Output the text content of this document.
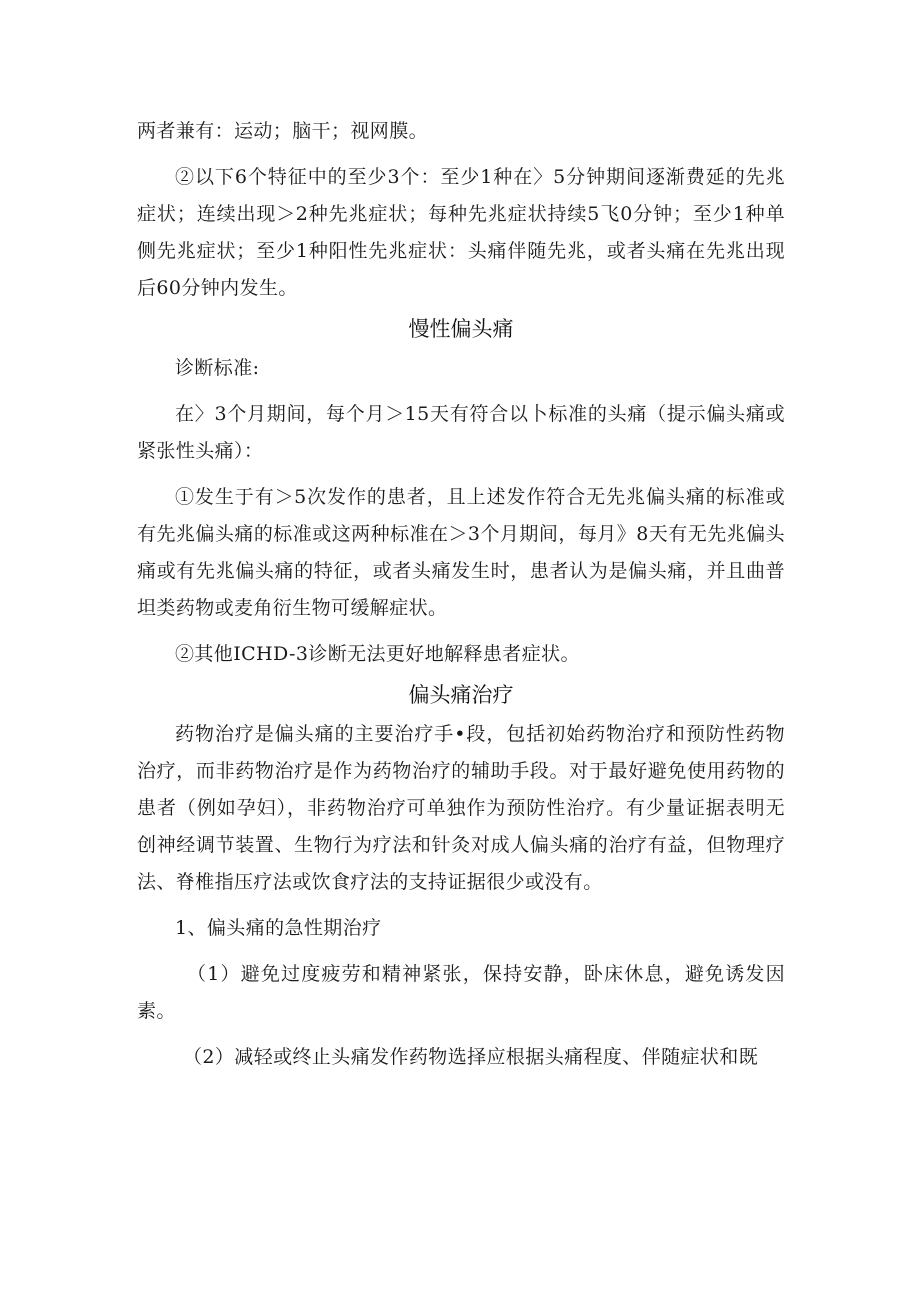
两者兼有：运动；脑干；视网膜。

②以下6个特征中的至少3个：至少1种在〉5分钟期间逐渐费延的先兆症状；连续出现＞2种先兆症状；每种先兆症状持续5飞0分钟；至少1种单侧先兆症状；至少1种阳性先兆症状：头痛伴随先兆，或者头痛在先兆出现后60分钟内发生。

慢性偏头痛

诊断标准:

在〉3个月期间，每个月＞15天有符合以卜标准的头痛（提示偏头痛或紧张性头痛）：

①发生于有＞5次发作的患者，且上述发作符合无先兆偏头痛的标准或有先兆偏头痛的标准或这两种标准在＞3个月期间，每月》8天有无先兆偏头痛或有先兆偏头痛的特征，或者头痛发生时，患者认为是偏头痛，并且曲普坦类药物或麦角衍生物可缓解症状。

②其他ICHD-3诊断无法更好地解释患者症状。

偏头痛治疗

药物治疗是偏头痛的主要治疗手•段，包括初始药物治疗和预防性药物治疗，而非药物治疗是作为药物治疗的辅助手段。对于最好避免使用药物的患者（例如孕妇），非药物治疗可单独作为预防性治疗。有少量证据表明无创神经调节装置、生物行为疗法和针灸对成人偏头痛的治疗有益，但物理疗法、脊椎指压疗法或饮食疗法的支持证据很少或没有。

1、偏头痛的急性期治疗

（1）避免过度疲劳和精神紧张，保持安静，卧床休息，避免诱发因素。

（2）减轻或终止头痛发作药物选择应根据头痛程度、伴随症状和既
